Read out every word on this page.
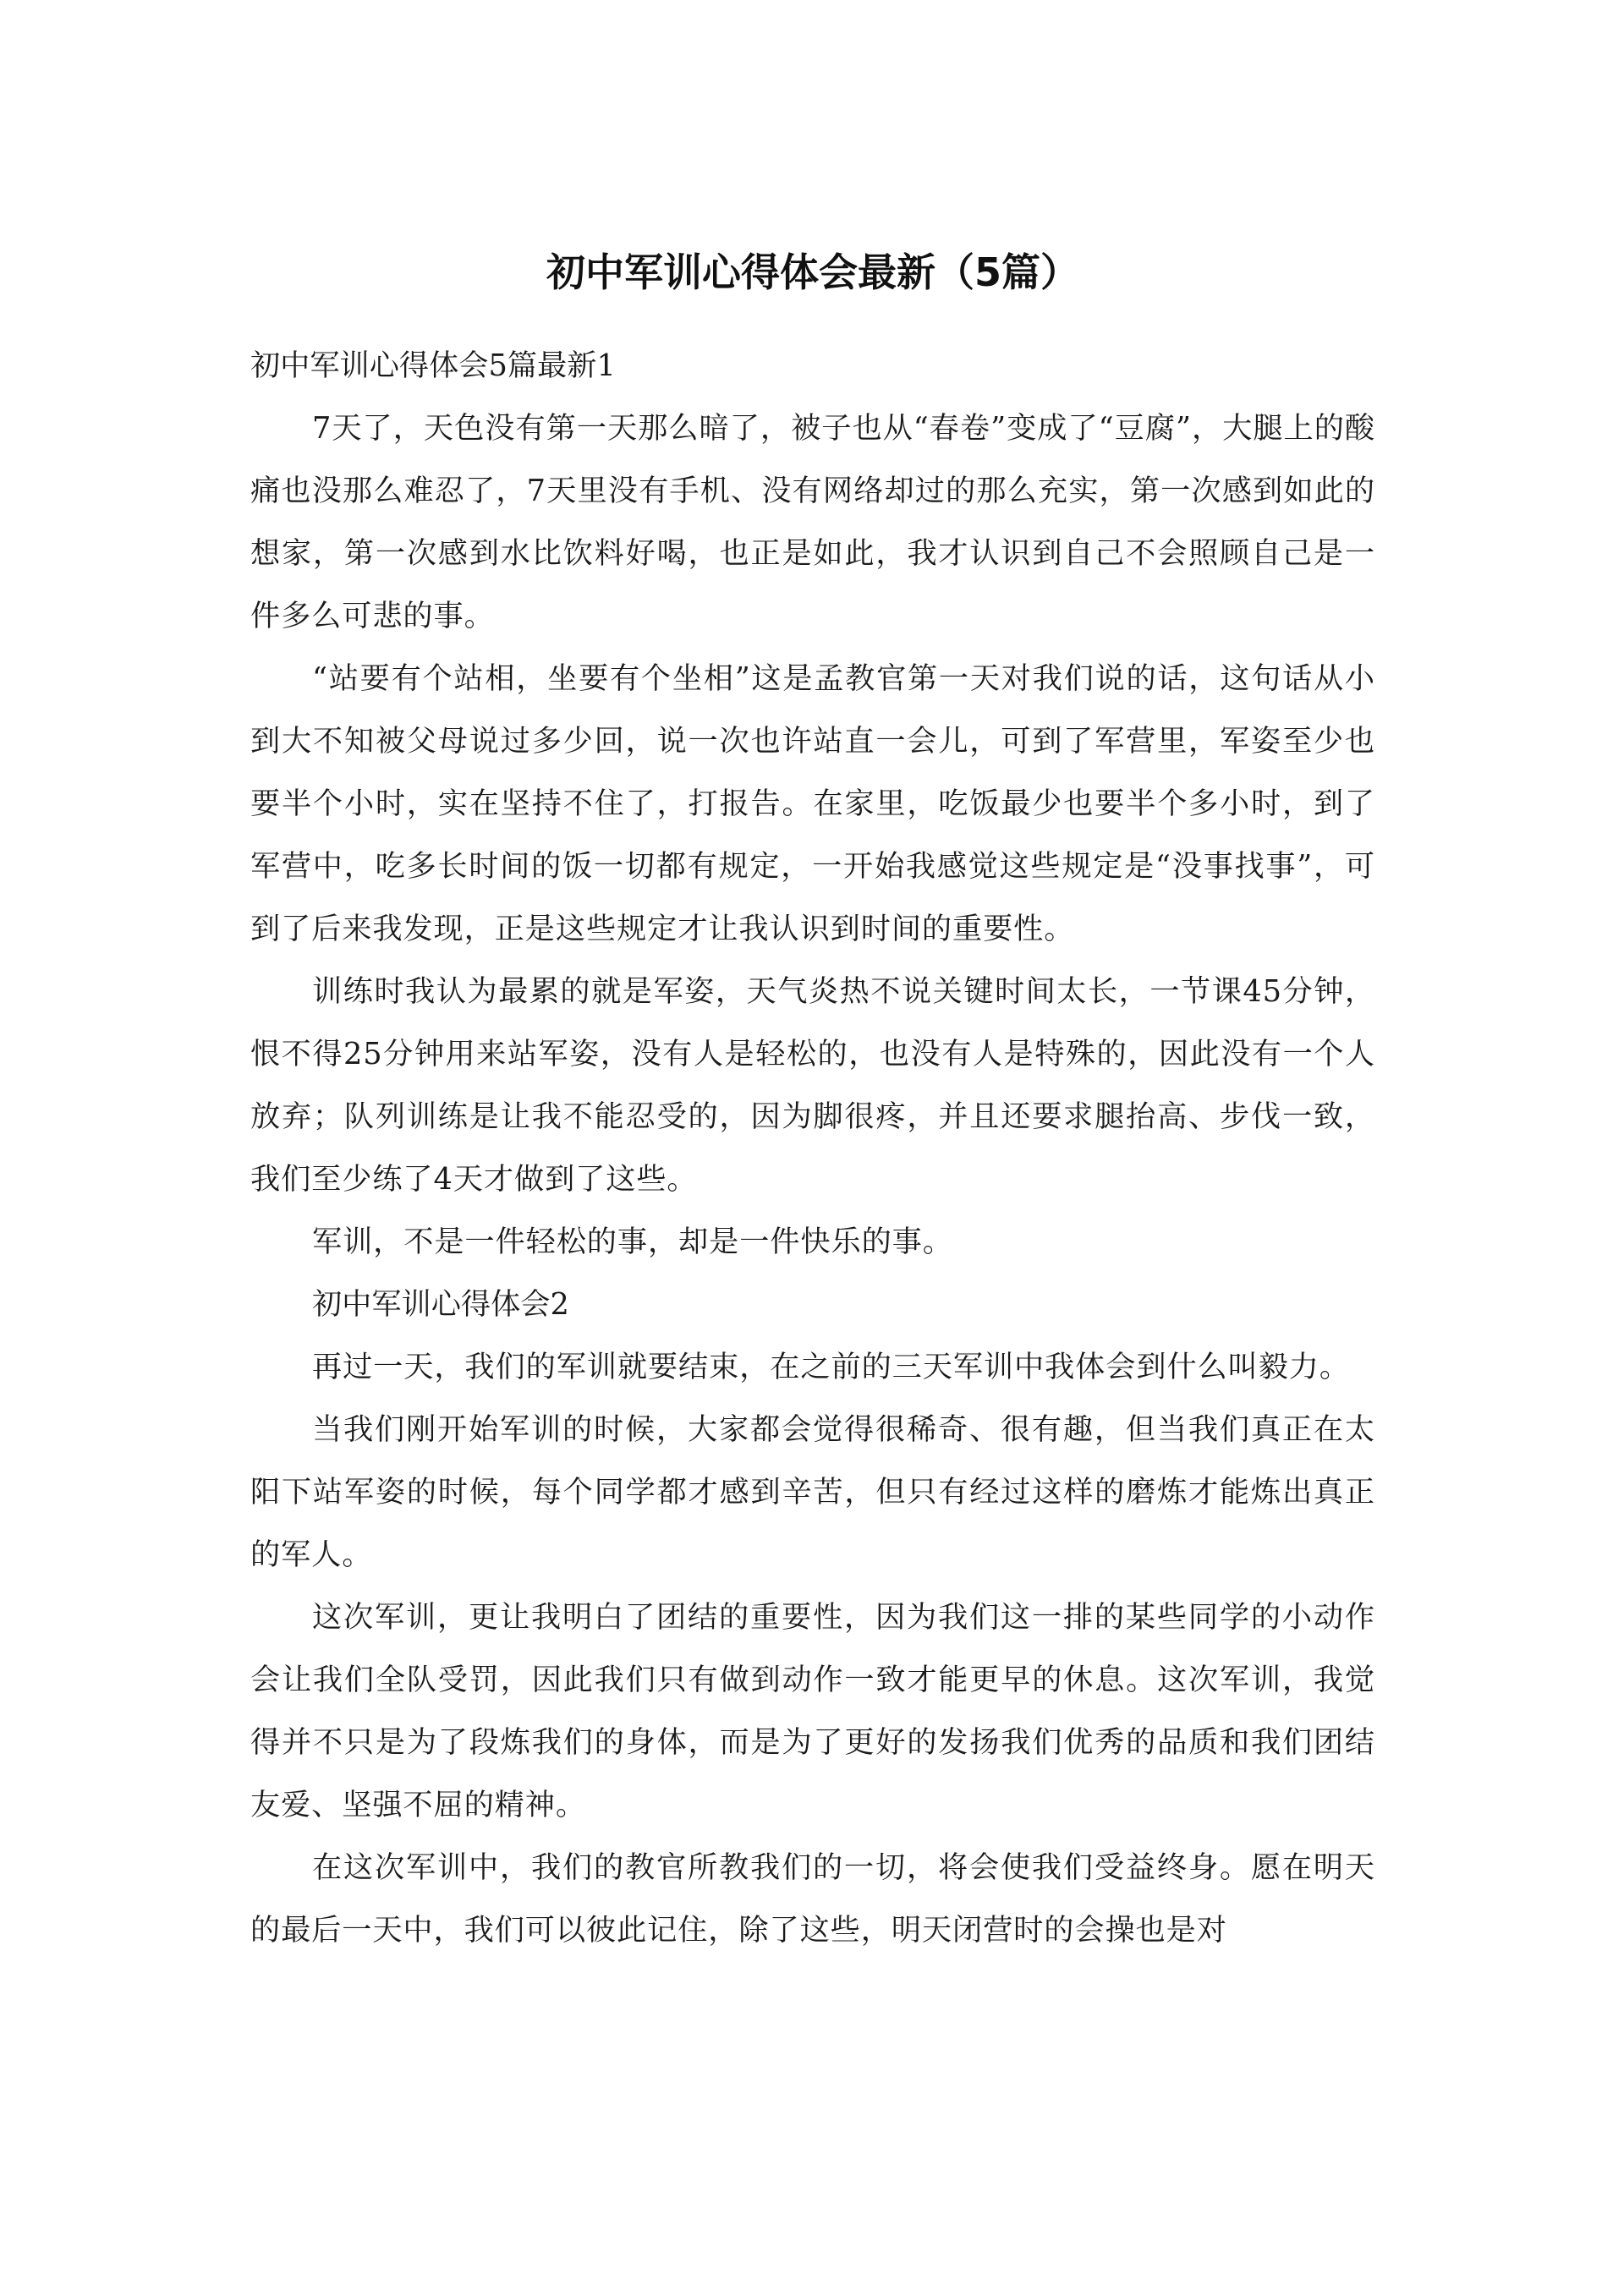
初中军训心得体会最新（5篇）

初中军训心得体会5篇最新1

7天了，天色没有第一天那么暗了，被子也从“春卷”变成了“豆腐”，大腿上的酸痛也没那么难忍了，7天里没有手机、没有网络却过的那么充实，第一次感到如此的想家，第一次感到水比饮料好喝，也正是如此，我才认识到自己不会照顾自己是一件多么可悲的事。

“站要有个站相，坐要有个坐相”这是孟教官第一天对我们说的话，这句话从小到大不知被父母说过多少回，说一次也许站直一会儿，可到了军营里，军姿至少也要半个小时，实在坚持不住了，打报告。在家里，吃饭最少也要半个多小时，到了军营中，吃多长时间的饭一切都有规定，一开始我感觉这些规定是“没事找事”，可到了后来我发现，正是这些规定才让我认识到时间的重要性。

训练时我认为最累的就是军姿，天气炎热不说关键时间太长，一节课45分钟，恨不得25分钟用来站军姿，没有人是轻松的，也没有人是特殊的，因此没有一个人放弃；队列训练是让我不能忍受的，因为脚很疼，并且还要求腿抬高、步伐一致，我们至少练了4天才做到了这些。

军训，不是一件轻松的事，却是一件快乐的事。

初中军训心得体会2

再过一天，我们的军训就要结束，在之前的三天军训中我体会到什么叫毅力。

当我们刚开始军训的时候，大家都会觉得很稀奇、很有趣，但当我们真正在太阳下站军姿的时候，每个同学都才感到辛苦，但只有经过这样的磨炼才能炼出真正的军人。

这次军训，更让我明白了团结的重要性，因为我们这一排的某些同学的小动作会让我们全队受罚，因此我们只有做到动作一致才能更早的休息。这次军训，我觉得并不只是为了段炼我们的身体，而是为了更好的发扬我们优秀的品质和我们团结友爱、坚强不屈的精神。

在这次军训中，我们的教官所教我们的一切，将会使我们受益终身。愿在明天的最后一天中，我们可以彼此记住，除了这些，明天闭营时的会操也是对
